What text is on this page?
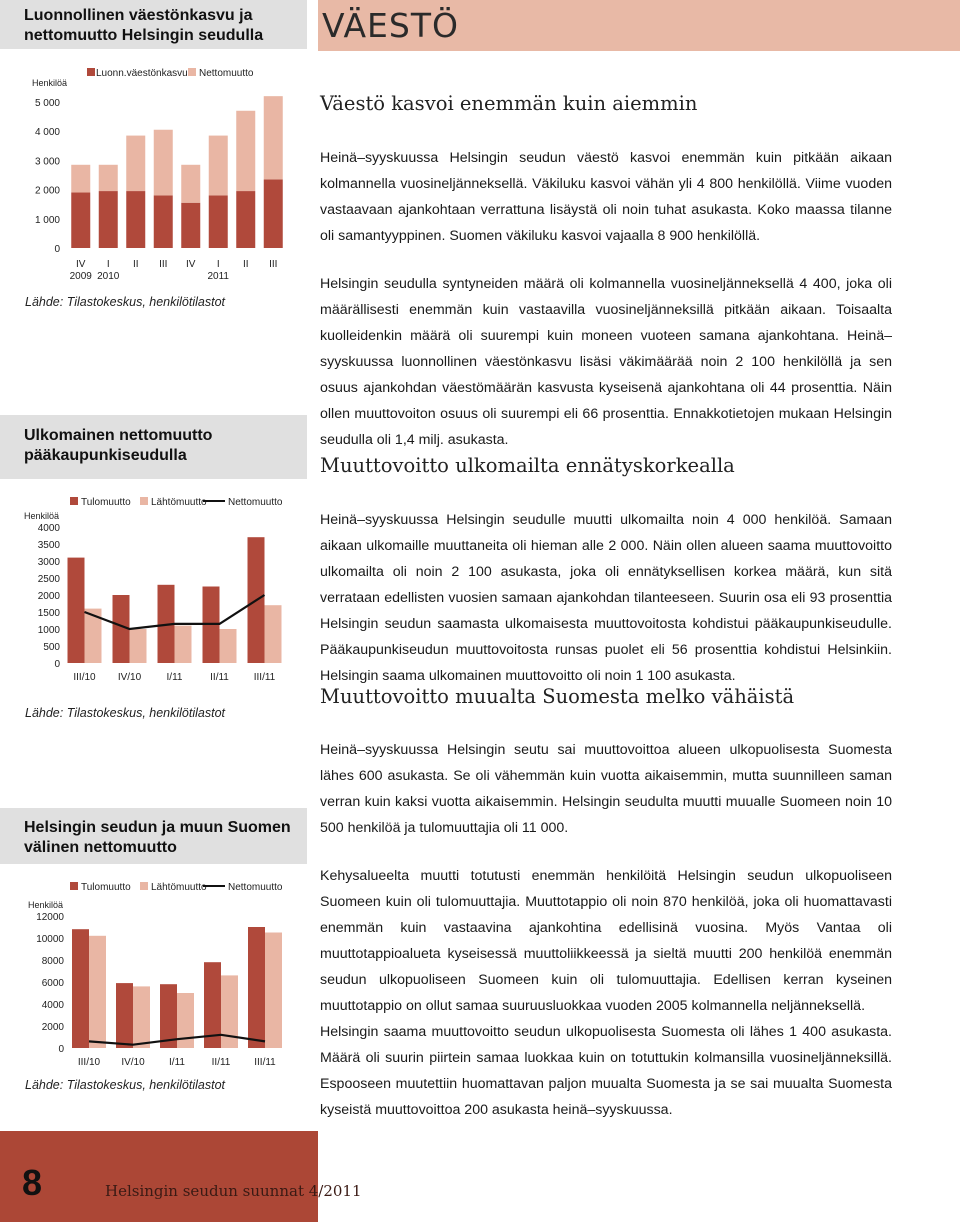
Luonnollinen väestönkasvu ja nettomuutto Helsingin seudulla
Ulkomainen nettomuutto pääkaupunkiseudulla
Helsingin seudun ja muun Suomen välinen nettomuutto
Henkilöä
0
1 000
2 000
3 000
4 000
5 000
Luonn.väestönkasvu Nettomuutto
IV I II III IV I II III
2009 2010	2011
Lähde: Tilastokeskus, henkilötilastot
Henkilöä
0
500
1000
1500
2000
2500
3000
3500
4000
Tulomuutto Lähtömuutto Nettomuutto
III/10 IV/10	I/11	II/11 III/11
Lähde: Tilastokeskus, henkilötilastot
Henkilöä
0
2000
4000
6000
8000
10000
12000
Tulomuutto Lähtömuutto Nettomuutto
III/10 IV/10 I/11	II/11 III/11
Lähde: Tilastokeskus, henkilötilastot
VÄESTÖ
Väestö kasvoi enemmän kuin aiemmin

Heinä–syyskuussa Helsingin seudun väestö kasvoi enemmän kuin pitkään aikaan kolmannella vuosineljänneksellä. Väkiluku kasvoi vähän yli 4 800 henkilöllä. Viime vuoden vastaavaan ajankohtaan verrattuna lisäystä oli noin tuhat asukasta. Koko maassa tilanne oli samantyyppinen. Suomen väkiluku kasvoi vajaalla 8 900 henkilöllä.

Helsingin seudulla syntyneiden määrä oli kolmannella vuosineljänneksellä 4 400, joka oli määrällisesti enemmän kuin vastaavilla vuosineljänneksillä pitkään aikaan. Toisaalta kuolleidenkin määrä oli suurempi kuin moneen vuoteen samana ajankohtana. Heinä–syyskuussa luonnollinen väestönkasvu lisäsi väkimäärää noin 2 100 henkilöllä ja sen osuus ajankohdan väestömäärän kasvusta kyseisenä ajankohtana oli 44 prosenttia. Näin ollen muuttovoiton osuus oli suurempi eli 66 prosenttia. Ennakkotietojen mukaan Helsingin seudulla oli 1,4 milj. asukasta.

Muuttovoitto ulkomailta ennätyskorkealla

Heinä–syyskuussa Helsingin seudulle muutti ulkomailta noin 4 000 henkilöä. Samaan aikaan ulkomaille muuttaneita oli hieman alle 2 000. Näin ollen alueen saama muuttovoitto ulkomailta oli noin 2 100 asukasta, joka oli ennätyksellisen korkea määrä, kun sitä verrataan edellisten vuosien samaan ajankohdan tilanteeseen. Suurin osa eli 93 prosenttia Helsingin seudun saamasta ulkomaisesta muuttovoitosta kohdistui pääkaupunkiseudulle. Pääkaupunkiseudun muuttovoitosta runsas puolet eli 56 prosenttia kohdistui Helsinkiin. Helsingin saama ulkomainen muuttovoitto oli noin 1 100 asukasta.

Muuttovoitto muualta Suomesta melko vähäistä

Heinä–syyskuussa Helsingin seutu sai muuttovoittoa alueen ulkopuolisesta Suomesta lähes 600 asukasta. Se oli vähemmän kuin vuotta aikaisemmin, mutta suunnilleen saman verran kuin kaksi vuotta aikaisemmin. Helsingin seudulta muutti muualle Suomeen noin 10 500 henkilöä ja tulomuuttajia oli 11 000.

Kehysalueelta muutti totutusti enemmän henkilöitä Helsingin seudun ulkopuoliseen Suomeen kuin oli tulomuuttajia. Muuttotappio oli noin 870 henkilöä, joka oli huomattavasti enemmän kuin vastaavina ajankohtina edellisinä vuosina. Myös Vantaa oli muuttotappioalueta kyseisessä muuttoliikkeessä ja sieltä muutti 200 henkilöä enemmän seudun ulkopuoliseen Suomeen kuin oli tulomuuttajia. Edellisen kerran kyseinen muuttotappio on ollut samaa suuruusluokkaa vuoden 2005 kolmannella neljänneksellä.

Helsingin saama muuttovoitto seudun ulkopuolisesta Suomesta oli lähes 1 400 asukasta. Määrä oli suurin piirtein samaa luokkaa kuin on totuttukin kolmansilla vuosineljänneksillä. Espooseen muutettiin huomattavan paljon muualta Suomesta ja se sai muualta Suomesta kyseistä muuttovoittoa 200 asukasta heinä–syyskuussa.

8	Helsingin seudun suunnat 4/2011
